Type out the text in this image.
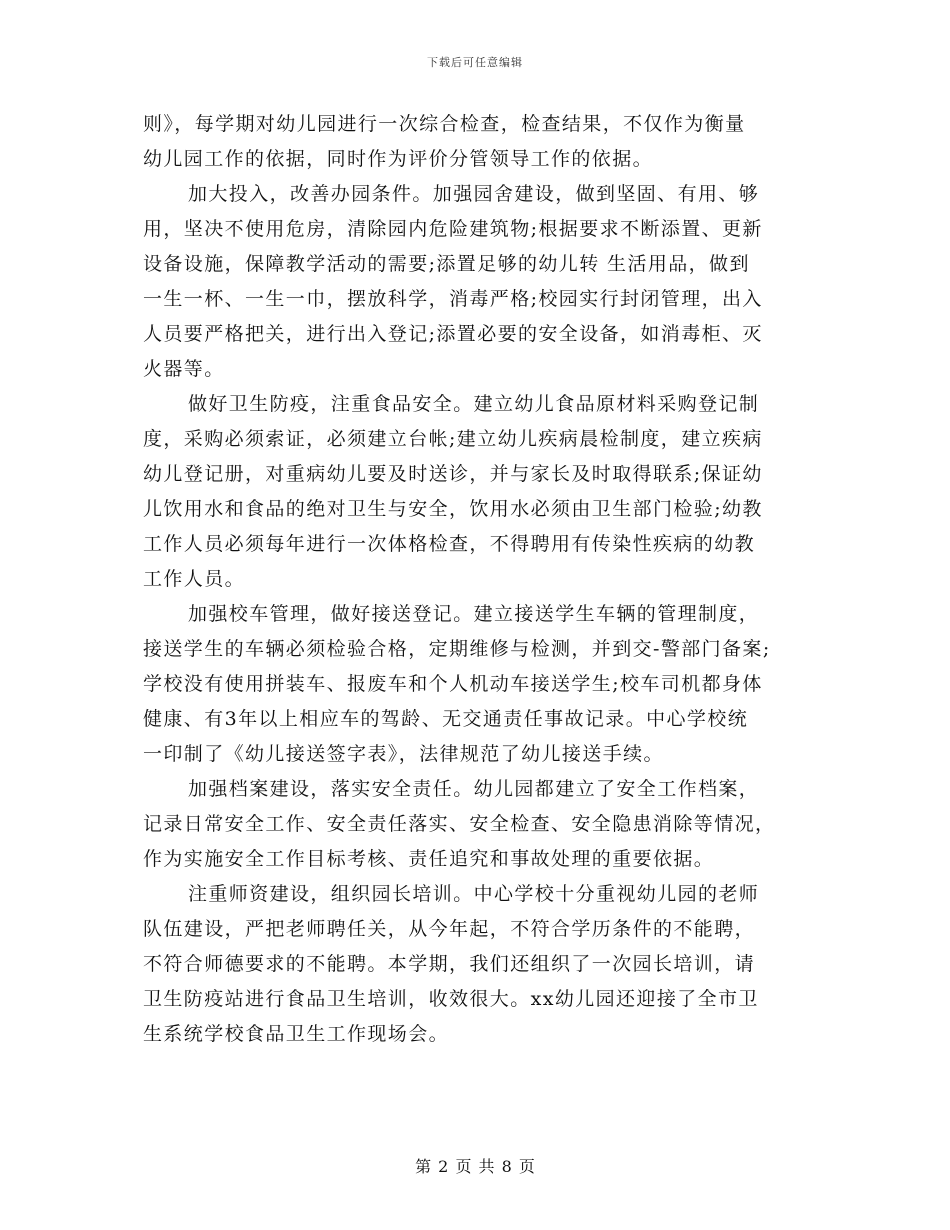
下载后可任意编辑
则》，每学期对幼儿园进行一次综合检查，检查结果，不仅作为衡量
幼儿园工作的依据，同时作为评价分管领导工作的依据。
加大投入，改善办园条件。加强园舍建设，做到坚固、有用、够
用，坚决不使用危房，清除园内危险建筑物;根据要求不断添置、更新
设备设施，保障教学活动的需要;添置足够的幼儿转 生活用品，做到
一生一杯、一生一巾，摆放科学，消毒严格;校园实行封闭管理，出入
人员要严格把关，进行出入登记;添置必要的安全设备，如消毒柜、灭
火器等。
做好卫生防疫，注重食品安全。建立幼儿食品原材料采购登记制
度，采购必须索证，必须建立台帐;建立幼儿疾病晨检制度，建立疾病
幼儿登记册，对重病幼儿要及时送诊，并与家长及时取得联系;保证幼
儿饮用水和食品的绝对卫生与安全，饮用水必须由卫生部门检验;幼教
工作人员必须每年进行一次体格检查，不得聘用有传染性疾病的幼教
工作人员。
加强校车管理，做好接送登记。建立接送学生车辆的管理制度，
接送学生的车辆必须检验合格，定期维修与检测，并到交-警部门备案;
学校没有使用拼装车、报废车和个人机动车接送学生;校车司机都身体
健康、有3年以上相应车的驾龄、无交通责任事故记录。中心学校统
一印制了《幼儿接送签字表》，法律规范了幼儿接送手续。
加强档案建设，落实安全责任。幼儿园都建立了安全工作档案，
记录日常安全工作、安全责任落实、安全检查、安全隐患消除等情况，
作为实施安全工作目标考核、责任追究和事故处理的重要依据。
注重师资建设，组织园长培训。中心学校十分重视幼儿园的老师
队伍建设，严把老师聘任关，从今年起，不符合学历条件的不能聘，
不符合师德要求的不能聘。本学期，我们还组织了一次园长培训，请
卫生防疫站进行食品卫生培训，收效很大。xx幼儿园还迎接了全市卫
生系统学校食品卫生工作现场会。
第 2 页 共 8 页
